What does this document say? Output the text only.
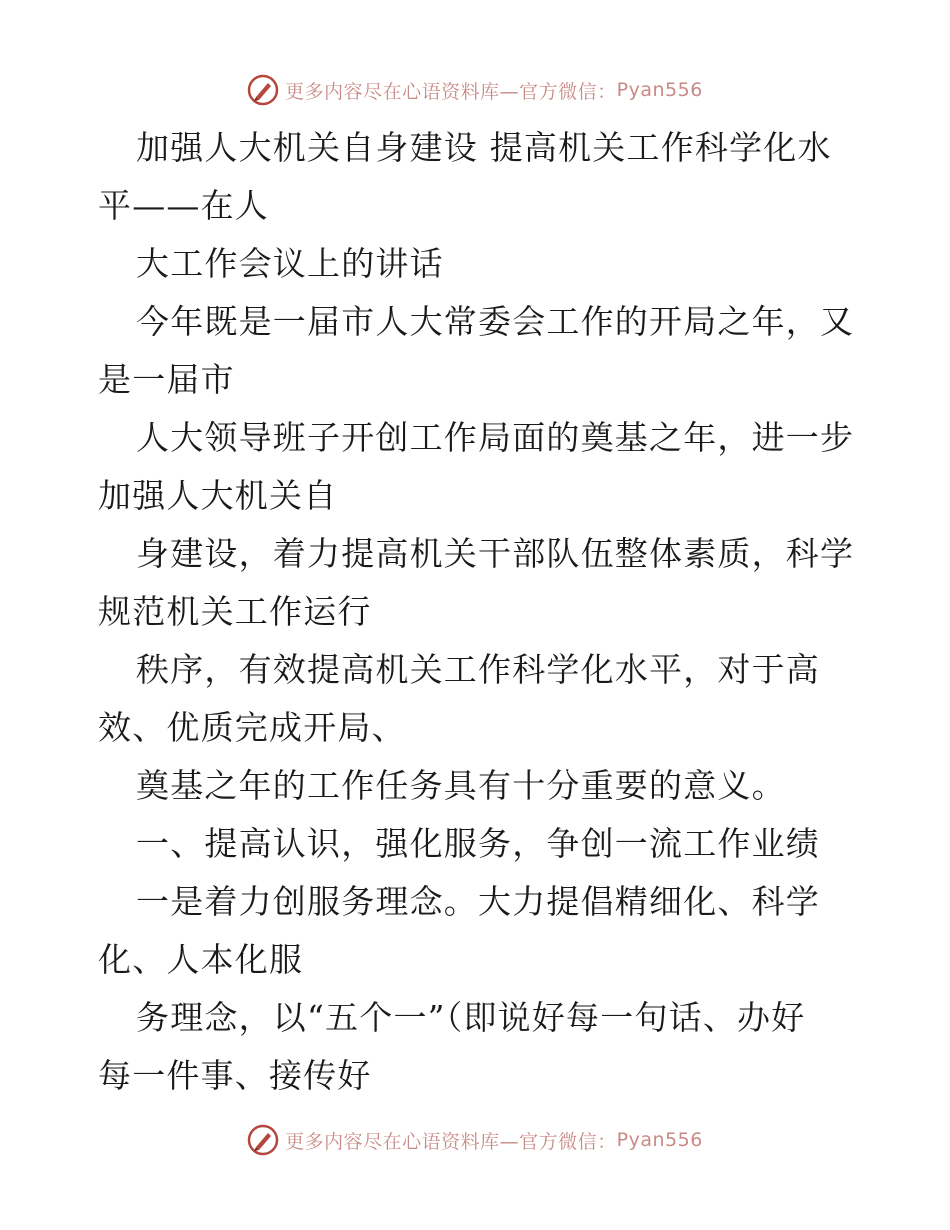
更多内容尽在心语资料库—官方微信： Pyan556
加强人大机关自身建设 提高机关工作科学化水
平——在人
大工作会议上的讲话
今年既是一届市人大常委会工作的开局之年，又
是一届市
人大领导班子开创工作局面的奠基之年，进一步
加强人大机关自
身建设，着力提高机关干部队伍整体素质，科学
规范机关工作运行
秩序，有效提高机关工作科学化水平，对于高
效、优质完成开局、
奠基之年的工作任务具有十分重要的意义。
一、提高认识，强化服务，争创一流工作业绩
一是着力创服务理念。大力提倡精细化、科学
化、人本化服
务理念，以“五个一”（即说好每一句话、办好
每一件事、接传好
更多内容尽在心语资料库—官方微信： Pyan556
